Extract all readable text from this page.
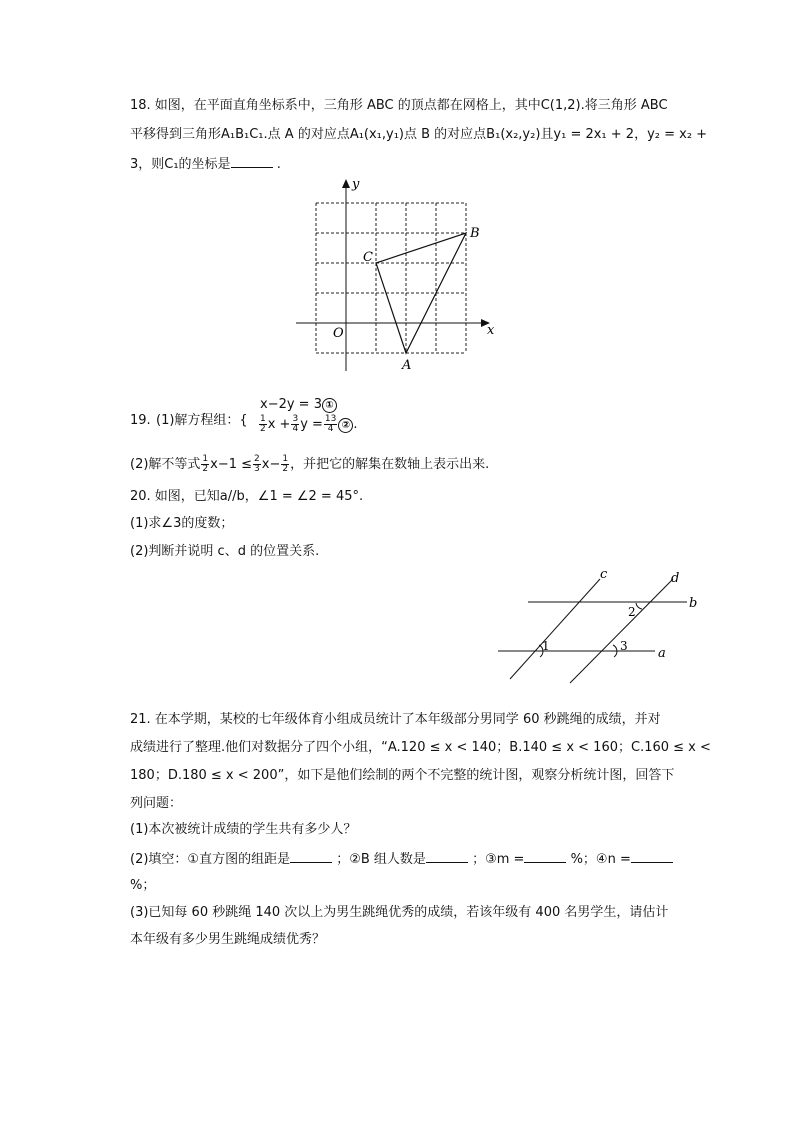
18. 如图，在平面直角坐标系中，三角形 ABC 的顶点都在网格上，其中C(1,2).将三角形 ABC
平移得到三角形A₁B₁C₁.点 A 的对应点A₁(x₁,y₁)点 B 的对应点B₁(x₂,y₂)且y₁ = 2x₁ + 2，y₂ = x₂ +
3，则C₁的坐标是	.
x
y
O
A
B
C
19. (1)解方程组：{
x−2y = 3 ①
$\frac{1}{2}$ $x + \frac{3}{4}$ $y = \frac{13}{4}$ ② .
(2)解不等式 $\frac{1}{2} x-1 \le \frac{2}{3} x- \frac{1}{2}$ ，并把它的解集在数轴上表示出来.
20. 如图，已知a//b，∠1 = ∠2 = 45°.
(1)求∠3的度数；
(2)判断并说明 c、d 的位置关系.
c	d
b
a
1
2
3
21. 在本学期，某校的七年级体育小组成员统计了本年级部分男同学 60 秒跳绳的成绩，并对
成绩进行了整理.他们对数据分了四个小组，“A.120 ≤ x < 140；B.140 ≤ x < 160；C.160 ≤ x <
180；D.180 ≤ x < 200”，如下是他们绘制的两个不完整的统计图，观察分析统计图，回答下
列问题：
(1)本次被统计成绩的学生共有多少人？
(2)填空：①直方图的组距是	；②B 组人数是	；③m =	%；④n =
%；
(3)已知每 60 秒跳绳 140 次以上为男生跳绳优秀的成绩，若该年级有 400 名男学生，请估计
本年级有多少男生跳绳成绩优秀？
